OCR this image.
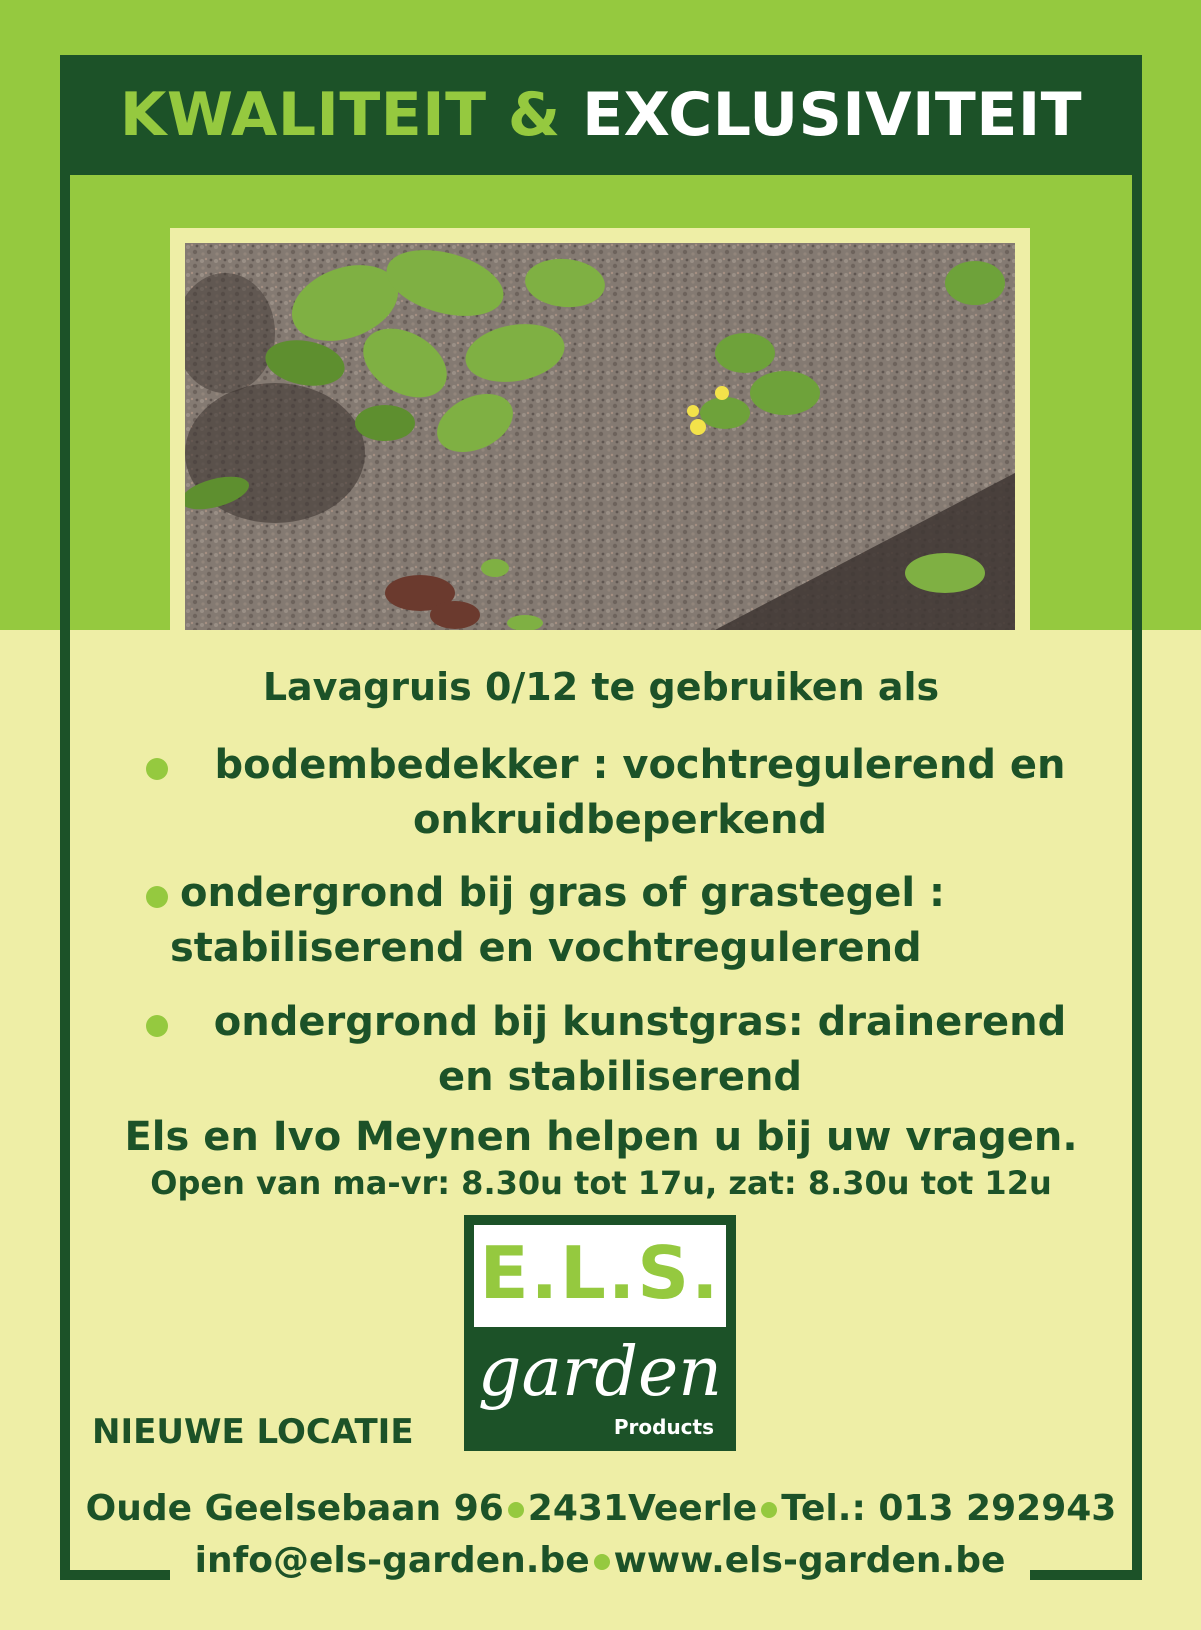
KWALITEIT & EXCLUSIVITEIT
Lavagruis 0/12 te gebruiken als
bodembedekker : vochtregulerend en
onkruidbeperkend
ondergrond bij gras of grastegel :
stabiliserend en vochtregulerend
ondergrond bij kunstgras: drainerend
en stabiliserend
Els en Ivo Meynen helpen u bij uw vragen.
Open van ma-vr: 8.30u tot 17u, zat: 8.30u tot 12u
E.L.S.
garden
Products
NIEUWE LOCATIE
Oude Geelsebaan 96 2431Veerle Tel.: 013 292943
info@els-garden.be www.els-garden.be
